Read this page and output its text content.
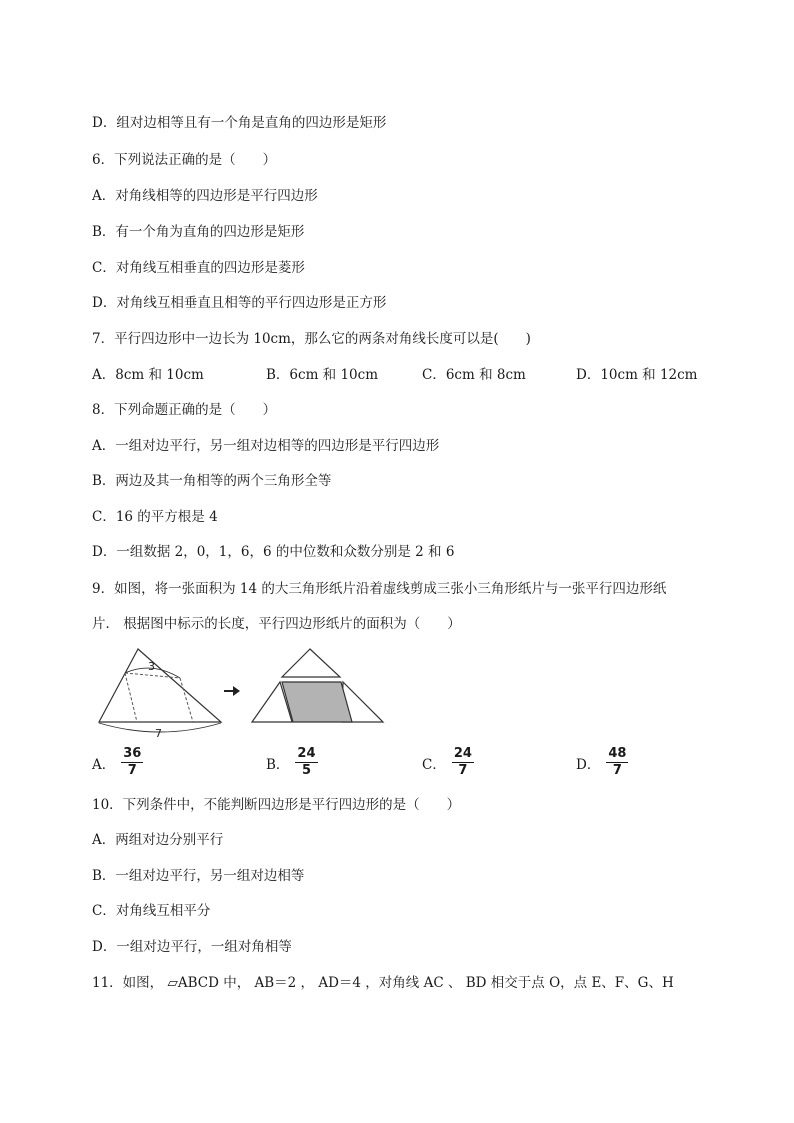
D．组对边相等且有一个角是直角的四边形是矩形
6．下列说法正确的是（　　）
A．对角线相等的四边形是平行四边形
B．有一个角为直角的四边形是矩形
C．对角线互相垂直的四边形是菱形
D．对角线互相垂直且相等的平行四边形是正方形
7．平行四边形中一边长为 10cm，那么它的两条对角线长度可以是(　　)
A．8cm 和 10cm	B．6cm 和 10cm	C．6cm 和 8cm	D．10cm 和 12cm
8．下列命题正确的是（　　）
A．一组对边平行，另一组对边相等的四边形是平行四边形
B．两边及其一角相等的两个三角形全等
C．16 的平方根是 4
D．一组数据 2，0，1，6，6 的中位数和众数分别是 2 和 6
9．如图，将一张面积为 14 的大三角形纸片沿着虚线剪成三张小三角形纸片与一张平行四边形纸
片． 根据图中标示的长度，平行四边形纸片的面积为（　　）
3
7
A． $\frac{36}{7}$	B． $\frac{24}{5}$	C． $\frac{24}{7}$	D． $\frac{48}{7}$
10．下列条件中，不能判断四边形是平行四边形的是（　　）
A．两组对边分别平行
B．一组对边平行，另一组对边相等
C．对角线互相平分
D．一组对边平行，一组对角相等
11．如图， ▱ABCD 中， AB＝2 ， AD＝4 ，对角线 AC 、 BD 相交于点 O，点 E、F、G、H
